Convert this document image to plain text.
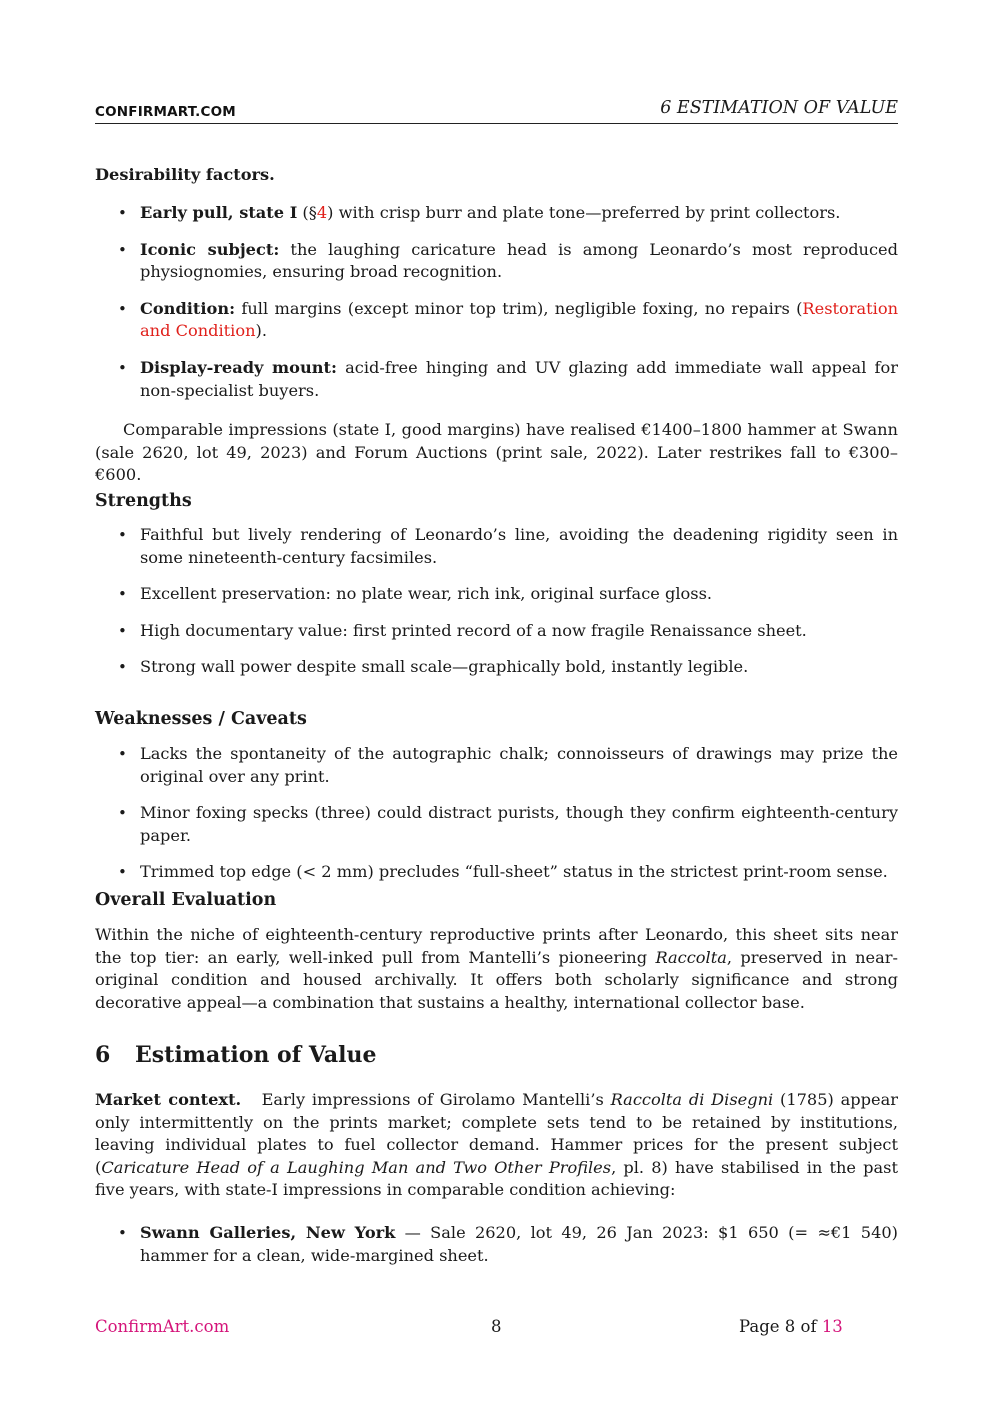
CONFIRMART.COM	6 ESTIMATION OF VALUE
Desirability factors.
• Early pull, state I (§4) with crisp burr and plate tone—preferred by print collectors.
• Iconic subject: the laughing caricature head is among Leonardo’s most reproduced physiognomies, ensuring broad recognition.
• Condition: full margins (except minor top trim), negligible foxing, no repairs (Restoration and Condition).
• Display-ready mount: acid-free hinging and UV glazing add immediate wall appeal for non-specialist buyers.

Comparable impressions (state I, good margins) have realised €1400–1800 hammer at Swann (sale 2620, lot 49, 2023) and Forum Auctions (print sale, 2022). Later restrikes fall to €300–€600.

Strengths
• Faithful but lively rendering of Leonardo’s line, avoiding the deadening rigidity seen in some nineteenth-century facsimiles.
• Excellent preservation: no plate wear, rich ink, original surface gloss.
• High documentary value: first printed record of a now fragile Renaissance sheet.
• Strong wall power despite small scale—graphically bold, instantly legible.
Weaknesses / Caveats
• Lacks the spontaneity of the autographic chalk; connoisseurs of drawings may prize the original over any print.
• Minor foxing specks (three) could distract purists, though they confirm eighteenth-century paper.
• Trimmed top edge (< 2 mm) precludes “full-sheet” status in the strictest print-room sense.
Overall Evaluation

Within the niche of eighteenth-century reproductive prints after Leonardo, this sheet sits near the top tier: an early, well-inked pull from Mantelli’s pioneering Raccolta, preserved in near-original condition and housed archivally. It offers both scholarly significance and strong decorative appeal—a combination that sustains a healthy, international collector base.

6 Estimation of Value

Market context.   Early impressions of Girolamo Mantelli’s Raccolta di Disegni (1785) appear only intermittently on the prints market; complete sets tend to be retained by institutions, leaving individual plates to fuel collector demand. Hammer prices for the present subject (Caricature Head of a Laughing Man and Two Other Profiles, pl. 8) have stabilised in the past five years, with state-I impressions in comparable condition achieving:

• Swann Galleries, New York — Sale 2620, lot 49, 26 Jan 2023: $1 650 (= ≈€1 540) hammer for a clean, wide-margined sheet.
ConfirmArt.com	8	Page 8 of 13
